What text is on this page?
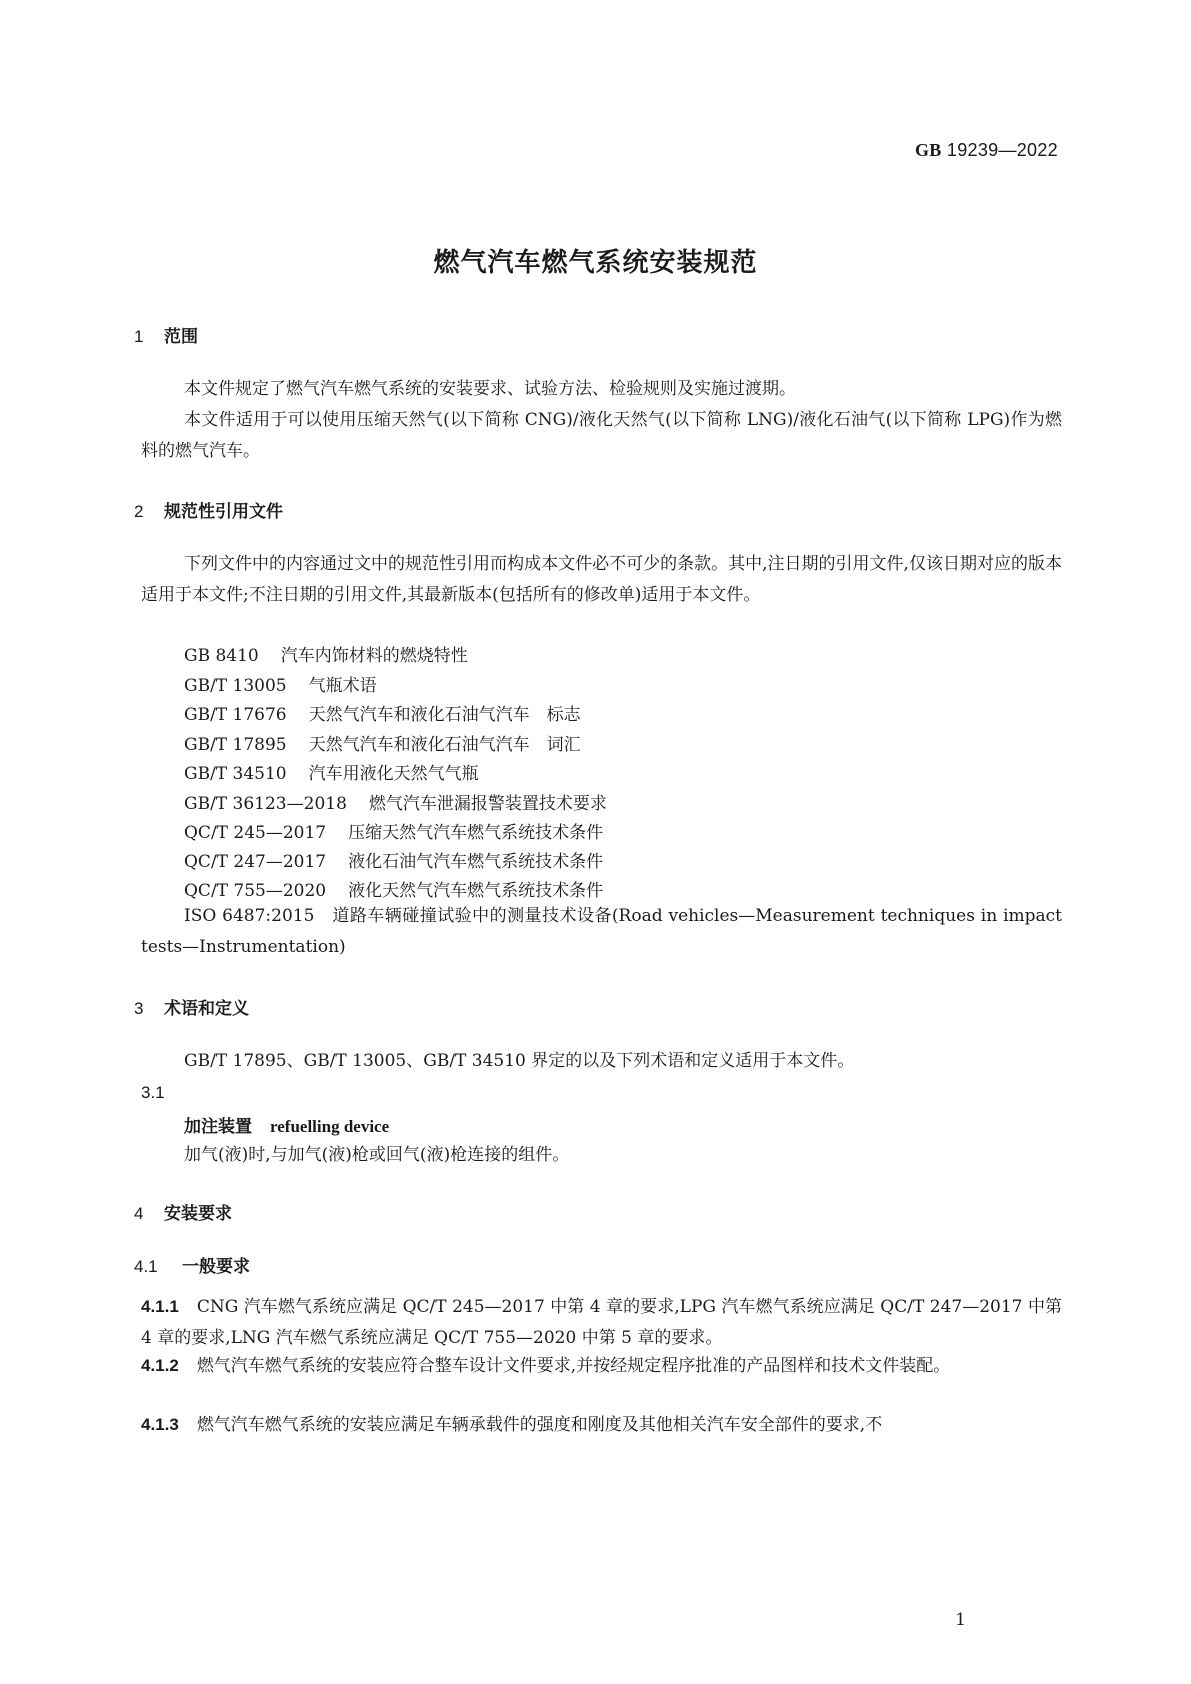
GB 19239—2022
燃气汽车燃气系统安装规范
1 范围

本文件规定了燃气汽车燃气系统的安装要求、试验方法、检验规则及实施过渡期。

本文件适用于可以使用压缩天然气(以下简称 CNG)/液化天然气(以下简称 LNG)/液化石油气(以下简称 LPG)作为燃料的燃气汽车。

2 规范性引用文件

下列文件中的内容通过文中的规范性引用而构成本文件必不可少的条款。其中,注日期的引用文件,仅该日期对应的版本适用于本文件;不注日期的引用文件,其最新版本(包括所有的修改单)适用于本文件。

GB 8410 汽车内饰材料的燃烧特性
GB/T 13005 气瓶术语
GB/T 17676 天然气汽车和液化石油气汽车　标志
GB/T 17895 天然气汽车和液化石油气汽车　词汇
GB/T 34510 汽车用液化天然气气瓶
GB/T 36123—2018 燃气汽车泄漏报警装置技术要求
QC/T 245—2017 压缩天然气汽车燃气系统技术条件
QC/T 247—2017 液化石油气汽车燃气系统技术条件
QC/T 755—2020 液化天然气汽车燃气系统技术条件

ISO 6487:2015　道路车辆碰撞试验中的测量技术设备(Road vehicles—Measurement techniques in impact tests—Instrumentation)

3 术语和定义

GB/T 17895、GB/T 13005、GB/T 34510 界定的以及下列术语和定义适用于本文件。

3.1
加注装置 refuelling device
加气(液)时,与加气(液)枪或回气(液)枪连接的组件。
4 安装要求
4.1 一般要求

4.1.1 CNG 汽车燃气系统应满足 QC/T 245—2017 中第 4 章的要求,LPG 汽车燃气系统应满足 QC/T 247—2017 中第 4 章的要求,LNG 汽车燃气系统应满足 QC/T 755—2020 中第 5 章的要求。

4.1.2 燃气汽车燃气系统的安装应符合整车设计文件要求,并按经规定程序批准的产品图样和技术文件装配。

4.1.3 燃气汽车燃气系统的安装应满足车辆承载件的强度和刚度及其他相关汽车安全部件的要求,不

1
